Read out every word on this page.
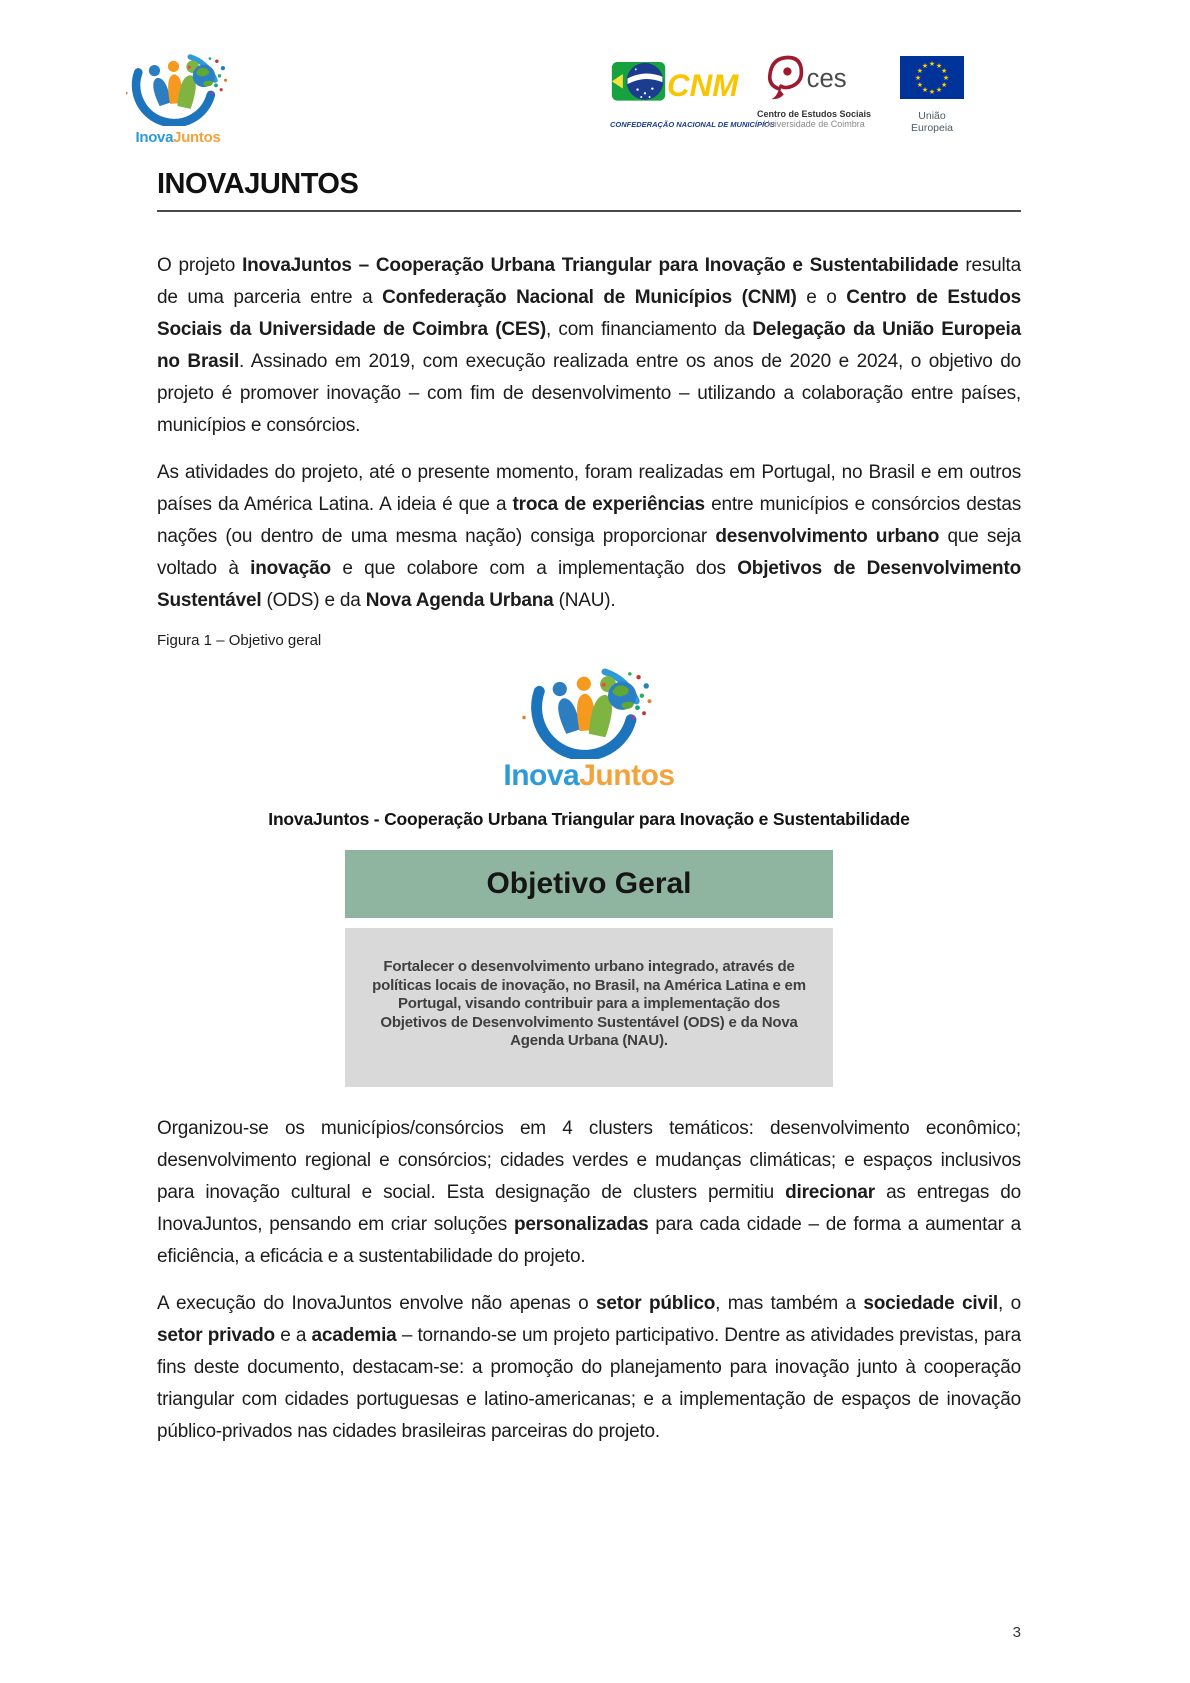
InovaJuntos
CNM
CONFEDERAÇÃO NACIONAL DE MUNICÍPIOS
ces
Centro de Estudos Sociais
Universidade de Coimbra
★ ★
★
★
★
★
★
★
★
★
★
★
União Europeia
INOVAJUNTOS

O projeto InovaJuntos – Cooperação Urbana Triangular para Inovação e Sustentabilidade resulta de uma parceria entre a Confederação Nacional de Municípios (CNM) e o Centro de Estudos Sociais da Universidade de Coimbra (CES), com financiamento da Delegação da União Europeia no Brasil. Assinado em 2019, com execução realizada entre os anos de 2020 e 2024, o objetivo do projeto é promover inovação – com fim de desenvolvimento – utilizando a colaboração entre países, municípios e consórcios.

As atividades do projeto, até o presente momento, foram realizadas em Portugal, no Brasil e em outros países da América Latina. A ideia é que a troca de experiências entre municípios e consórcios destas nações (ou dentro de uma mesma nação) consiga proporcionar desenvolvimento urbano que seja voltado à inovação e que colabore com a implementação dos Objetivos de Desenvolvimento Sustentável (ODS) e da Nova Agenda Urbana (NAU).

Figura 1 – Objetivo geral
InovaJuntos
InovaJuntos - Cooperação Urbana Triangular para Inovação e Sustentabilidade
Objetivo Geral
Fortalecer o desenvolvimento urbano integrado, através de políticas locais de inovação, no Brasil, na América Latina e em Portugal, visando contribuir para a implementação dos Objetivos de Desenvolvimento Sustentável (ODS) e da Nova Agenda Urbana (NAU).

Organizou-se os municípios/consórcios em 4 clusters temáticos: desenvolvimento econômico; desenvolvimento regional e consórcios; cidades verdes e mudanças climáticas; e espaços inclusivos para inovação cultural e social. Esta designação de clusters permitiu direcionar as entregas do InovaJuntos, pensando em criar soluções personalizadas para cada cidade – de forma a aumentar a eficiência, a eficácia e a sustentabilidade do projeto.

A execução do InovaJuntos envolve não apenas o setor público, mas também a sociedade civil, o setor privado e a academia – tornando-se um projeto participativo. Dentre as atividades previstas, para fins deste documento, destacam-se: a promoção do planejamento para inovação junto à cooperação triangular com cidades portuguesas e latino-americanas; e a implementação de espaços de inovação público-privados nas cidades brasileiras parceiras do projeto.

3
